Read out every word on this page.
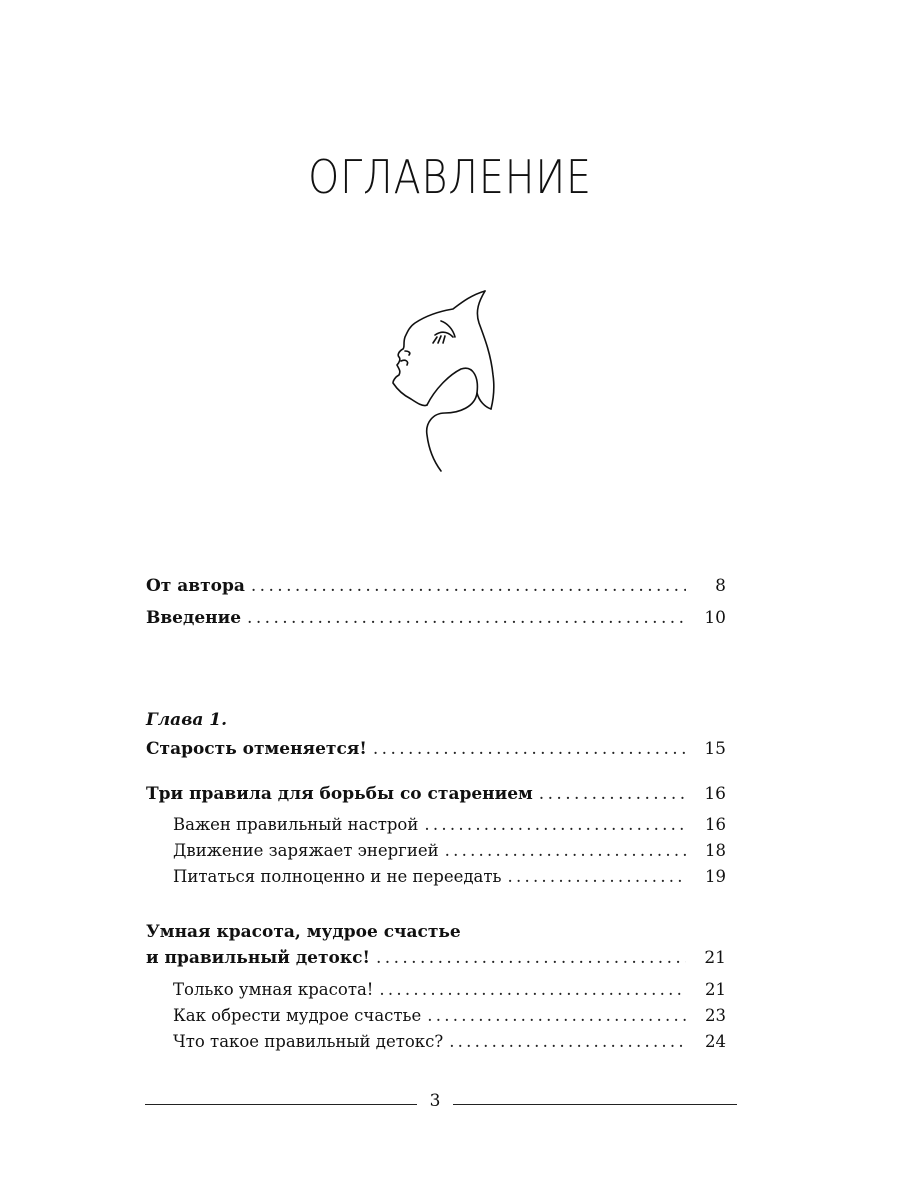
ОГЛАВЛЕНИЕ
От автора . . .	8
Введение . . .	10
Глава 1.
Старость отменяется! . . .	15
Три правила для борьбы со старением . . .	16
Важен правильный настрой . . .	16
Движение заряжает энергией . . .	18
Питаться полноценно и не переедать . . .	19
Умная красота, мудрое счастье
и правильный детокс! . . .	21
Только умная красота! . . .	21
Как обрести мудрое счастье . . .	23
Что такое правильный детокс? . . .	24
3
